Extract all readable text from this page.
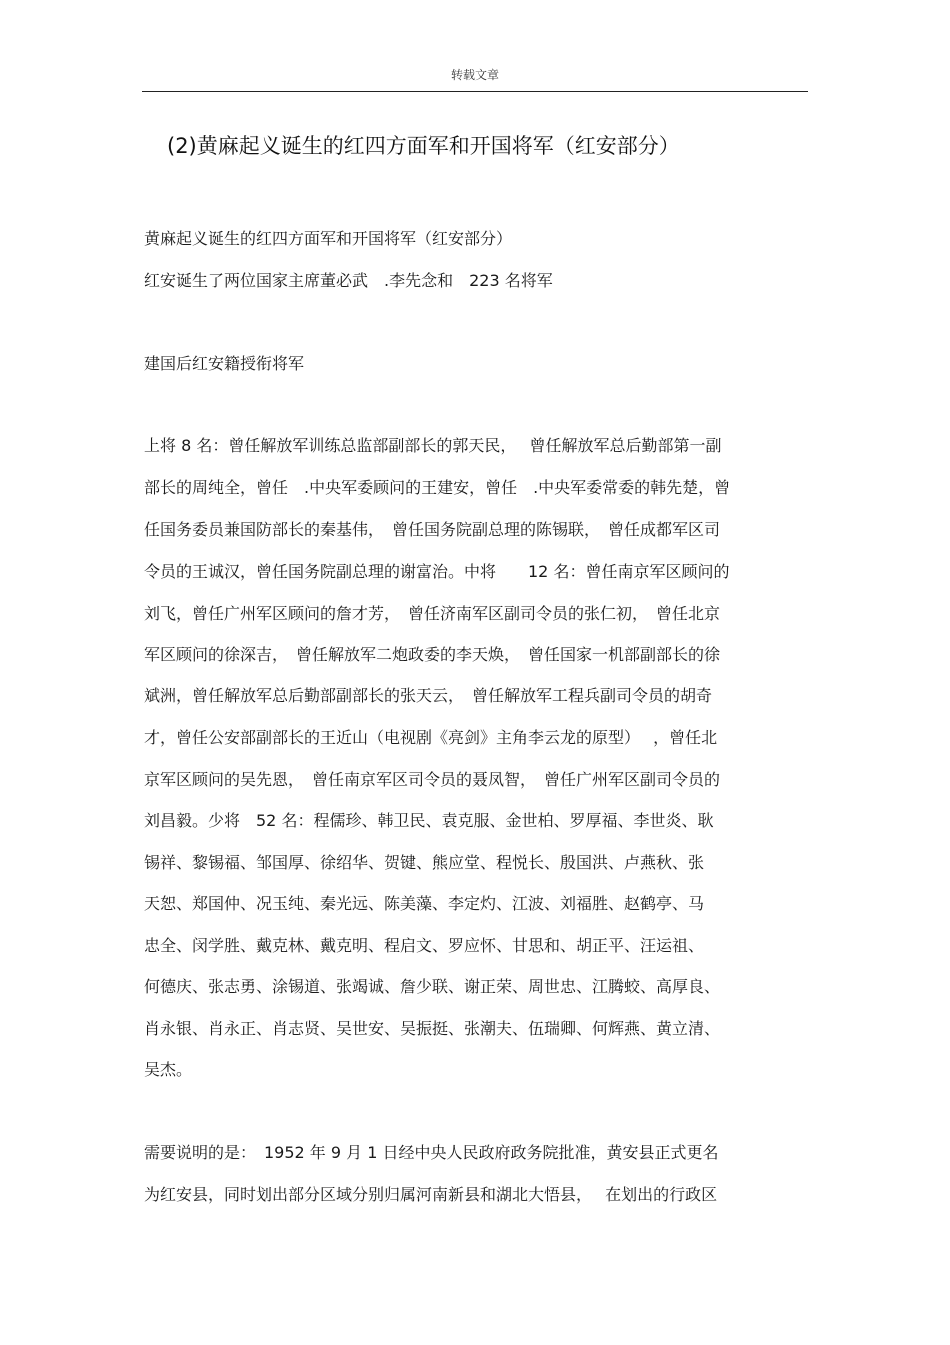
转载文章
(2)黄麻起义诞生的红四方面军和开国将军（红安部分）
黄麻起义诞生的红四方面军和开国将军（红安部分）
红安诞生了两位国家主席董必武　.李先念和　223 名将军
建国后红安籍授衔将军
上将 8 名：曾任解放军训练总监部副部长的郭天民，　 曾任解放军总后勤部第一副
部长的周纯全，曾任　.中央军委顾问的王建安，曾任　.中央军委常委的韩先楚，曾
任国务委员兼国防部长的秦基伟，　曾任国务院副总理的陈锡联，　曾任成都军区司
令员的王诚汉，曾任国务院副总理的谢富治。中将　　12 名：曾任南京军区顾问的
刘飞，曾任广州军区顾问的詹才芳，　曾任济南军区副司令员的张仁初，　曾任北京
军区顾问的徐深吉，　曾任解放军二炮政委的李天焕，　曾任国家一机部副部长的徐
斌洲，曾任解放军总后勤部副部长的张天云，　曾任解放军工程兵副司令员的胡奇
才，曾任公安部副部长的王近山（电视剧《亮剑》主角李云龙的原型）　 ，曾任北
京军区顾问的吴先恩，　曾任南京军区司令员的聂凤智，　曾任广州军区副司令员的
刘昌毅。少将　52 名：程儒珍、韩卫民、袁克服、金世柏、罗厚福、李世炎、耿
锡祥、黎锡福、邹国厚、徐绍华、贺键、熊应堂、程悦长、殷国洪、卢燕秋、张
天恕、郑国仲、况玉纯、秦光远、陈美藻、李定灼、江波、刘福胜、赵鹤亭、马
忠全、闵学胜、戴克林、戴克明、程启文、罗应怀、甘思和、胡正平、汪运祖、
何德庆、张志勇、涂锡道、张竭诚、詹少联、谢正荣、周世忠、江腾蛟、高厚良、
肖永银、肖永正、肖志贤、吴世安、吴振挺、张潮夫、伍瑞卿、何辉燕、黄立清、
吴杰。
需要说明的是：　1952 年 9 月 1 日经中央人民政府政务院批准，黄安县正式更名
为红安县，同时划出部分区域分别归属河南新县和湖北大悟县，　 在划出的行政区
